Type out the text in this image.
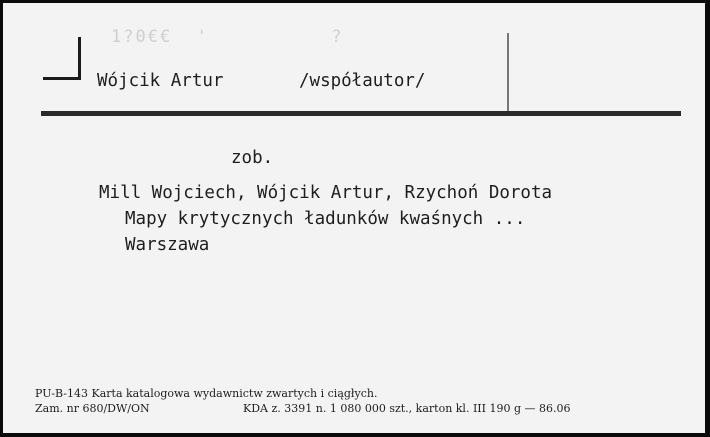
1?0€€  '          ?
Wójcik Artur	/współautor/
zob.
Mill Wojciech, Wójcik Artur, Rzychoń Dorota
Mapy krytycznych ładunków kwaśnych ...
Warszawa
PU-B-143 Karta katalogowa wydawnictw zwartych i ciągłych.
Zam. nr 680/DW/ON	KDA z. 3391 n. 1 080 000 szt., karton kl. III 190 g — 86.06
